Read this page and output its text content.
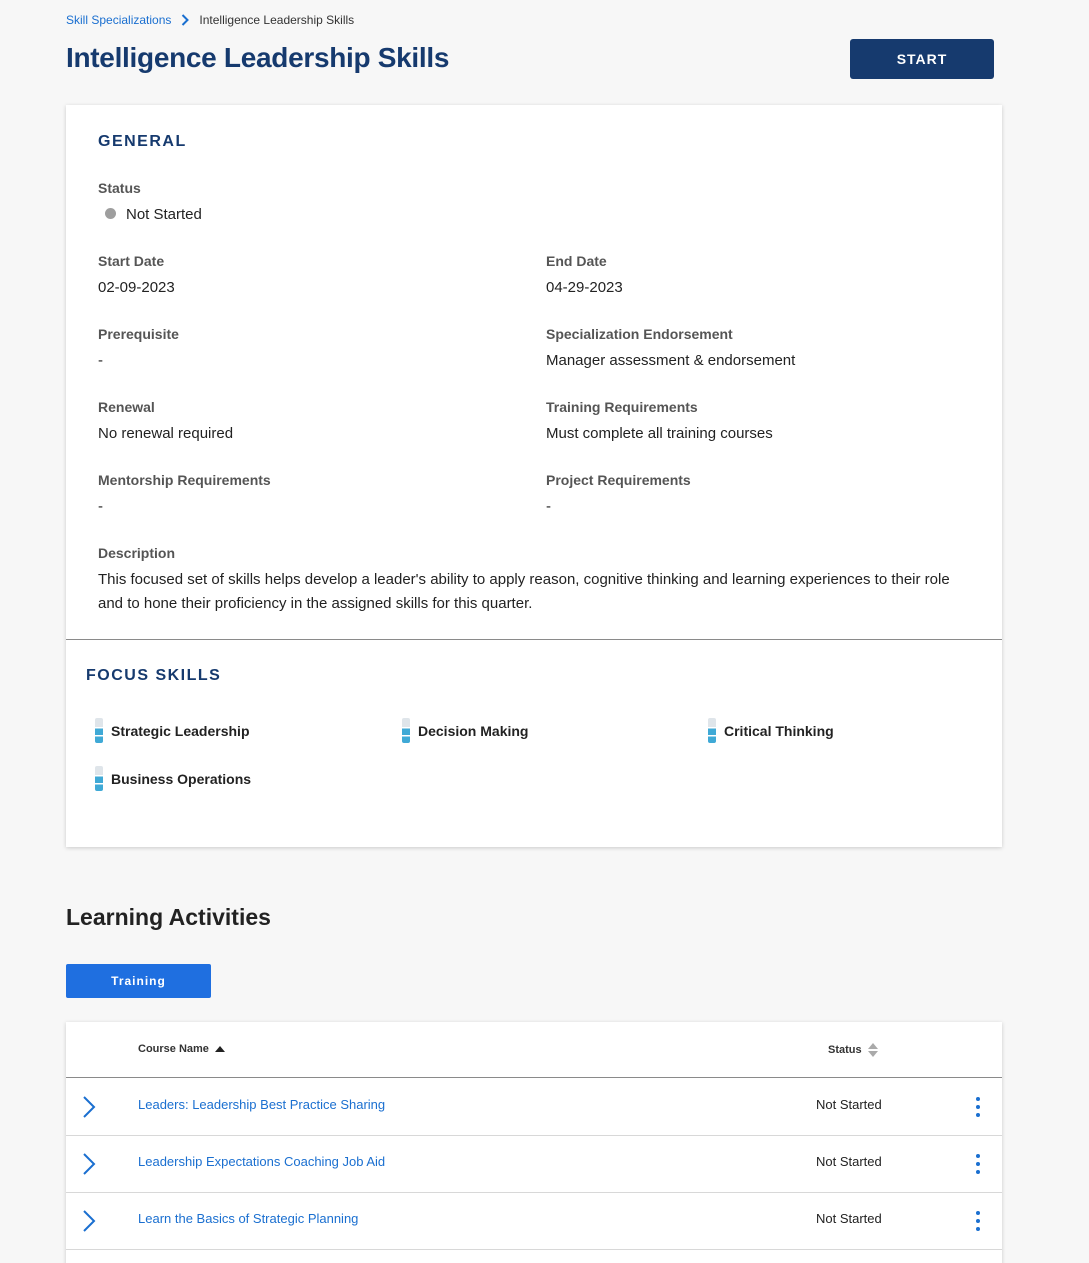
Skill Specializations Intelligence Leadership Skills
Intelligence Leadership Skills	START
GENERAL
Status
Not Started
Start Date
02-09-2023
End Date
04-29-2023
Prerequisite
-
Specialization Endorsement
Manager assessment & endorsement
Renewal
No renewal required
Training Requirements
Must complete all training courses
Mentorship Requirements
-
Project Requirements
-
Description
This focused set of skills helps develop a leader's ability to apply reason, cognitive thinking and learning experiences to their role and to hone their proficiency in the assigned skills for this quarter.
FOCUS SKILLS
Strategic Leadership	Decision Making	Critical Thinking
Business Operations
Learning Activities
Training
Course Name	Status
Leaders: Leadership Best Practice Sharing	Not Started
Leadership Expectations Coaching Job Aid	Not Started
Learn the Basics of Strategic Planning	Not Started
